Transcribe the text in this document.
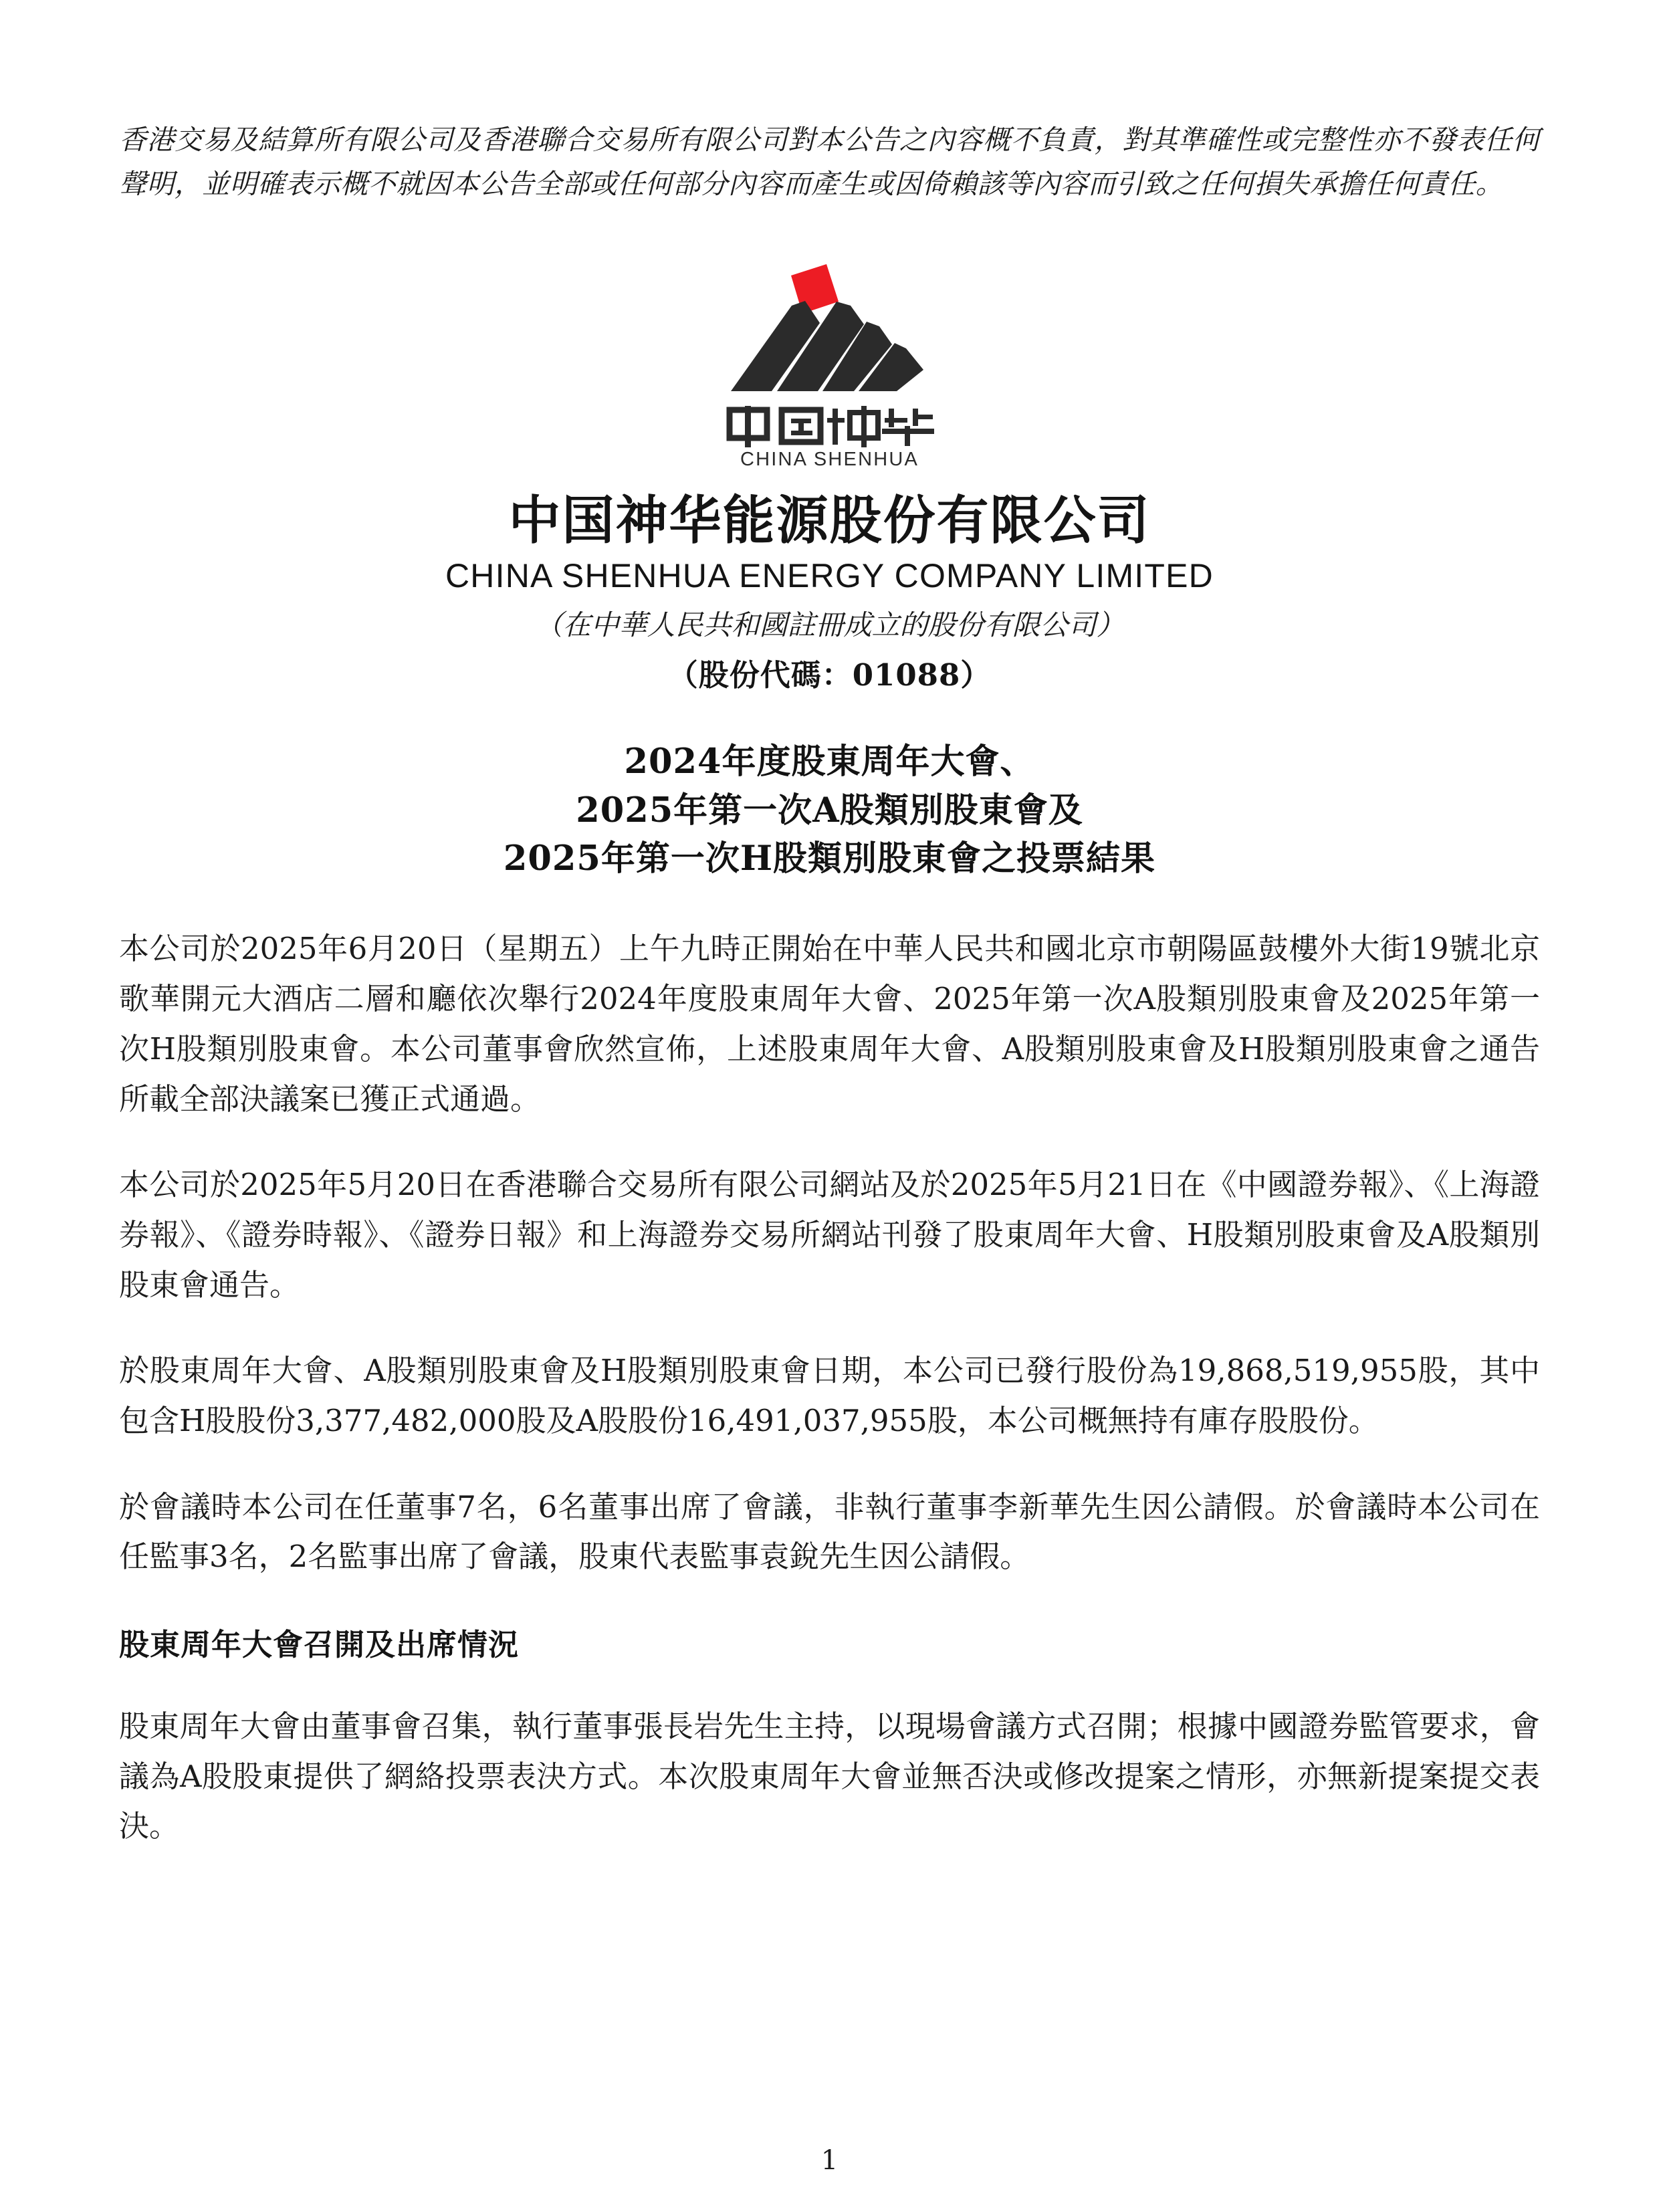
香港交易及結算所有限公司及香港聯合交易所有限公司對本公告之內容概不負責，對其準確性或完整性亦不發表任何聲明，並明確表示概不就因本公告全部或任何部分內容而產生或因倚賴該等內容而引致之任何損失承擔任何責任。

CHINA SHENHUA
中国神华能源股份有限公司
CHINA SHENHUA ENERGY COMPANY LIMITED
（在中華人民共和國註冊成立的股份有限公司）
（股份代碼：01088）
2024年度股東周年大會、
2025年第一次A股類別股東會及
2025年第一次H股類別股東會之投票結果

本公司於2025年6月20日（星期五）上午九時正開始在中華人民共和國北京市朝陽區鼓樓外大街19號北京歌華開元大酒店二層和廳依次舉行2024年度股東周年大會、2025年第一次A股類別股東會及2025年第一次H股類別股東會。本公司董事會欣然宣佈，上述股東周年大會、A股類別股東會及H股類別股東會之通告所載全部決議案已獲正式通過。

本公司於2025年5月20日在香港聯合交易所有限公司網站及於2025年5月21日在《中國證券報》、《上海證券報》、《證券時報》、《證券日報》和上海證券交易所網站刊發了股東周年大會、H股類別股東會及A股類別股東會通告。

於股東周年大會、A股類別股東會及H股類別股東會日期，本公司已發行股份為19,868,519,955股，其中包含H股股份3,377,482,000股及A股股份16,491,037,955股，本公司概無持有庫存股股份。

於會議時本公司在任董事7名，6名董事出席了會議，非執行董事李新華先生因公請假。於會議時本公司在任監事3名，2名監事出席了會議，股東代表監事袁銳先生因公請假。

股東周年大會召開及出席情況

股東周年大會由董事會召集，執行董事張長岩先生主持，以現場會議方式召開；根據中國證券監管要求，會議為A股股東提供了網絡投票表決方式。本次股東周年大會並無否決或修改提案之情形，亦無新提案提交表決。

1
